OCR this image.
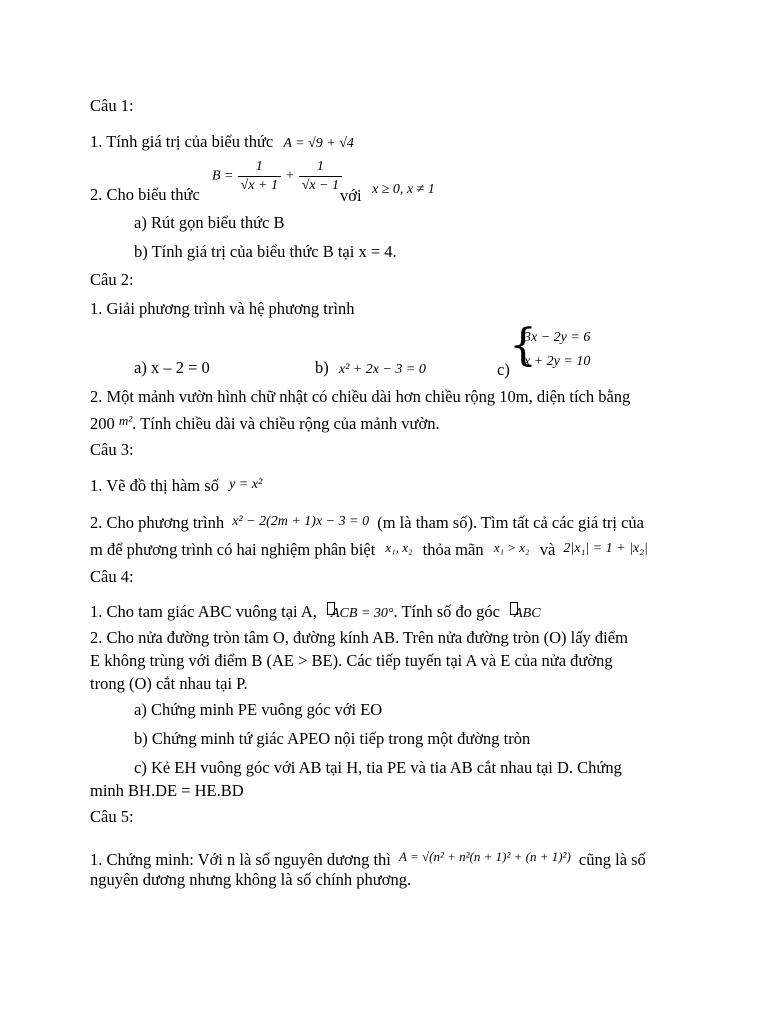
Câu 1:
1. Tính giá trị của biểu thức A = √9 + √4
2. Cho biểu thức
$B = \frac{1}{√x + 1} + \frac{1}{√x - 1}$
với x ≥ 0, x ≠ 1
a) Rút gọn biểu thức B
b) Tính giá trị của biểu thức B tại x = 4.
Câu 2:
1. Giải phương trình và hệ phương trình
a) x – 2 = 0	b) x² + 2x − 3 = 0	c) {
3x − 2y = 6
x + 2y = 10
2. Một mảnh vườn hình chữ nhật có chiều dài hơn chiều rộng 10m, diện tích bằng
200 $^{m^2}$. Tính chiều dài và chiều rộng của mảnh vườn.
Câu 3:
1. Vẽ đồ thị hàm số y = x²
2. Cho phương trình x² − 2(2m + 1)x − 3 = 0 (m là tham số). Tìm tất cả các giá trị của
m để phương trình có hai nghiệm phân biệt x₁, x₂ thỏa mãn x₁ > x₂ và 2|x₁| = 1 + |x₂|
Câu 4:
1. Cho tam giác ABC vuông tại A, ACB = 30°. Tính số đo góc ABC
2. Cho nửa đường tròn tâm O, đường kính AB. Trên nửa đường tròn (O) lấy điểm
E không trùng với điểm B (AE > BE). Các tiếp tuyến tại A và E của nửa đường
trong (O) cắt nhau tại P.
a) Chứng minh PE vuông góc với EO
b) Chứng minh tứ giác APEO nội tiếp trong một đường tròn
c) Kẻ EH vuông góc với AB tại H, tia PE và tia AB cắt nhau tại D. Chứng
minh BH.DE = HE.BD
Câu 5:
1. Chứng minh: Với n là số nguyên dương thì $^{A = √(n^2 + n^2(n + 1)^2 + (n + 1)^2)}$ cũng là số
nguyên dương nhưng không là số chính phương.
